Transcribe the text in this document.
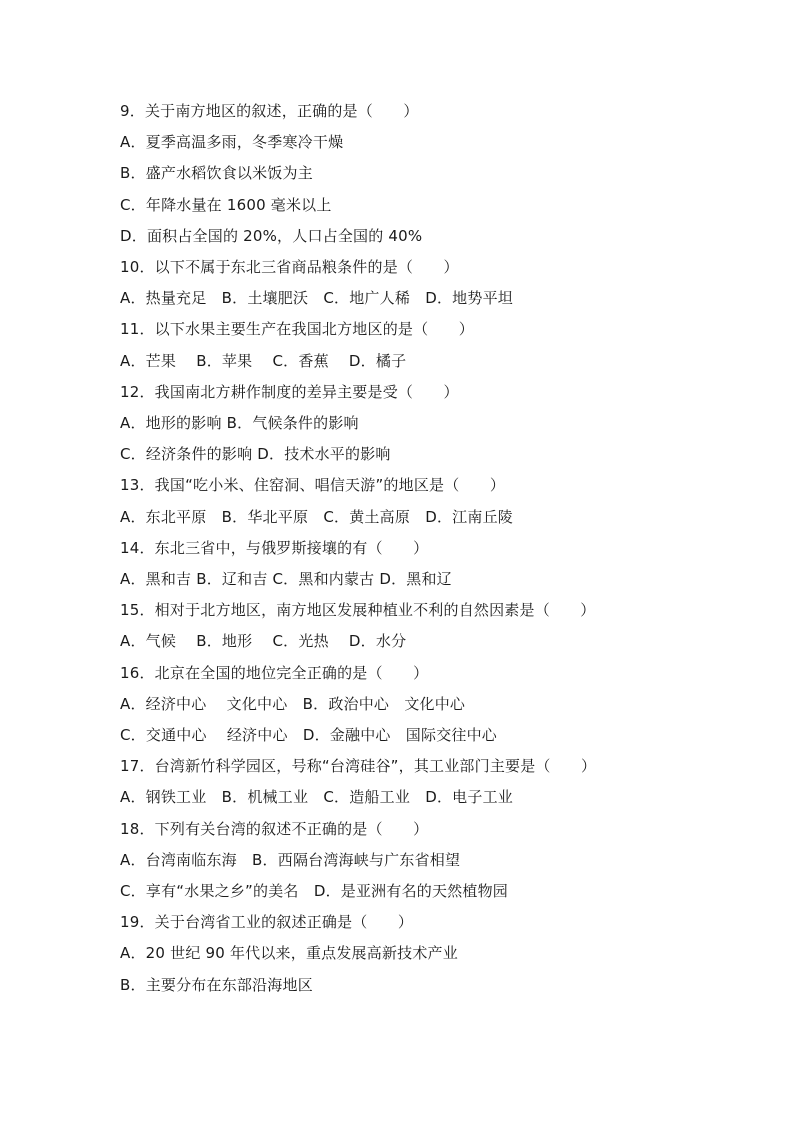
9．关于南方地区的叙述，正确的是（　　）
A．夏季高温多雨，冬季寒冷干燥
B．盛产水稻饮食以米饭为主
C．年降水量在 1600 毫米以上
D．面积占全国的 20%，人口占全国的 40%
10．以下不属于东北三省商品粮条件的是（　　）
A．热量充足　B．土壤肥沃　C．地广人稀　D．地势平坦
11．以下水果主要生产在我国北方地区的是（　　）
A．芒果　 B．苹果　 C．香蕉　 D．橘子
12．我国南北方耕作制度的差异主要是受（　　）
A．地形的影响 B．气候条件的影响
C．经济条件的影响 D．技术水平的影响
13．我国“吃小米、住窑洞、唱信天游”的地区是（　　）
A．东北平原　B．华北平原　C．黄土高原　D．江南丘陵
14．东北三省中，与俄罗斯接壤的有（　　）
A．黑和吉 B．辽和吉 C．黑和内蒙古 D．黑和辽
15．相对于北方地区，南方地区发展种植业不利的自然因素是（　　）
A．气候　 B．地形　 C．光热　 D．水分
16．北京在全国的地位完全正确的是（　　）
A．经济中心　 文化中心　B．政治中心　文化中心
C．交通中心　 经济中心　D．金融中心　国际交往中心
17．台湾新竹科学园区，号称“台湾硅谷”，其工业部门主要是（　　）
A．钢铁工业　B．机械工业　C．造船工业　D．电子工业
18．下列有关台湾的叙述不正确的是（　　）
A．台湾南临东海　B．西隔台湾海峡与广东省相望
C．享有“水果之乡”的美名　D．是亚洲有名的天然植物园
19．关于台湾省工业的叙述正确是（　　）
A．20 世纪 90 年代以来，重点发展高新技术产业
B．主要分布在东部沿海地区
